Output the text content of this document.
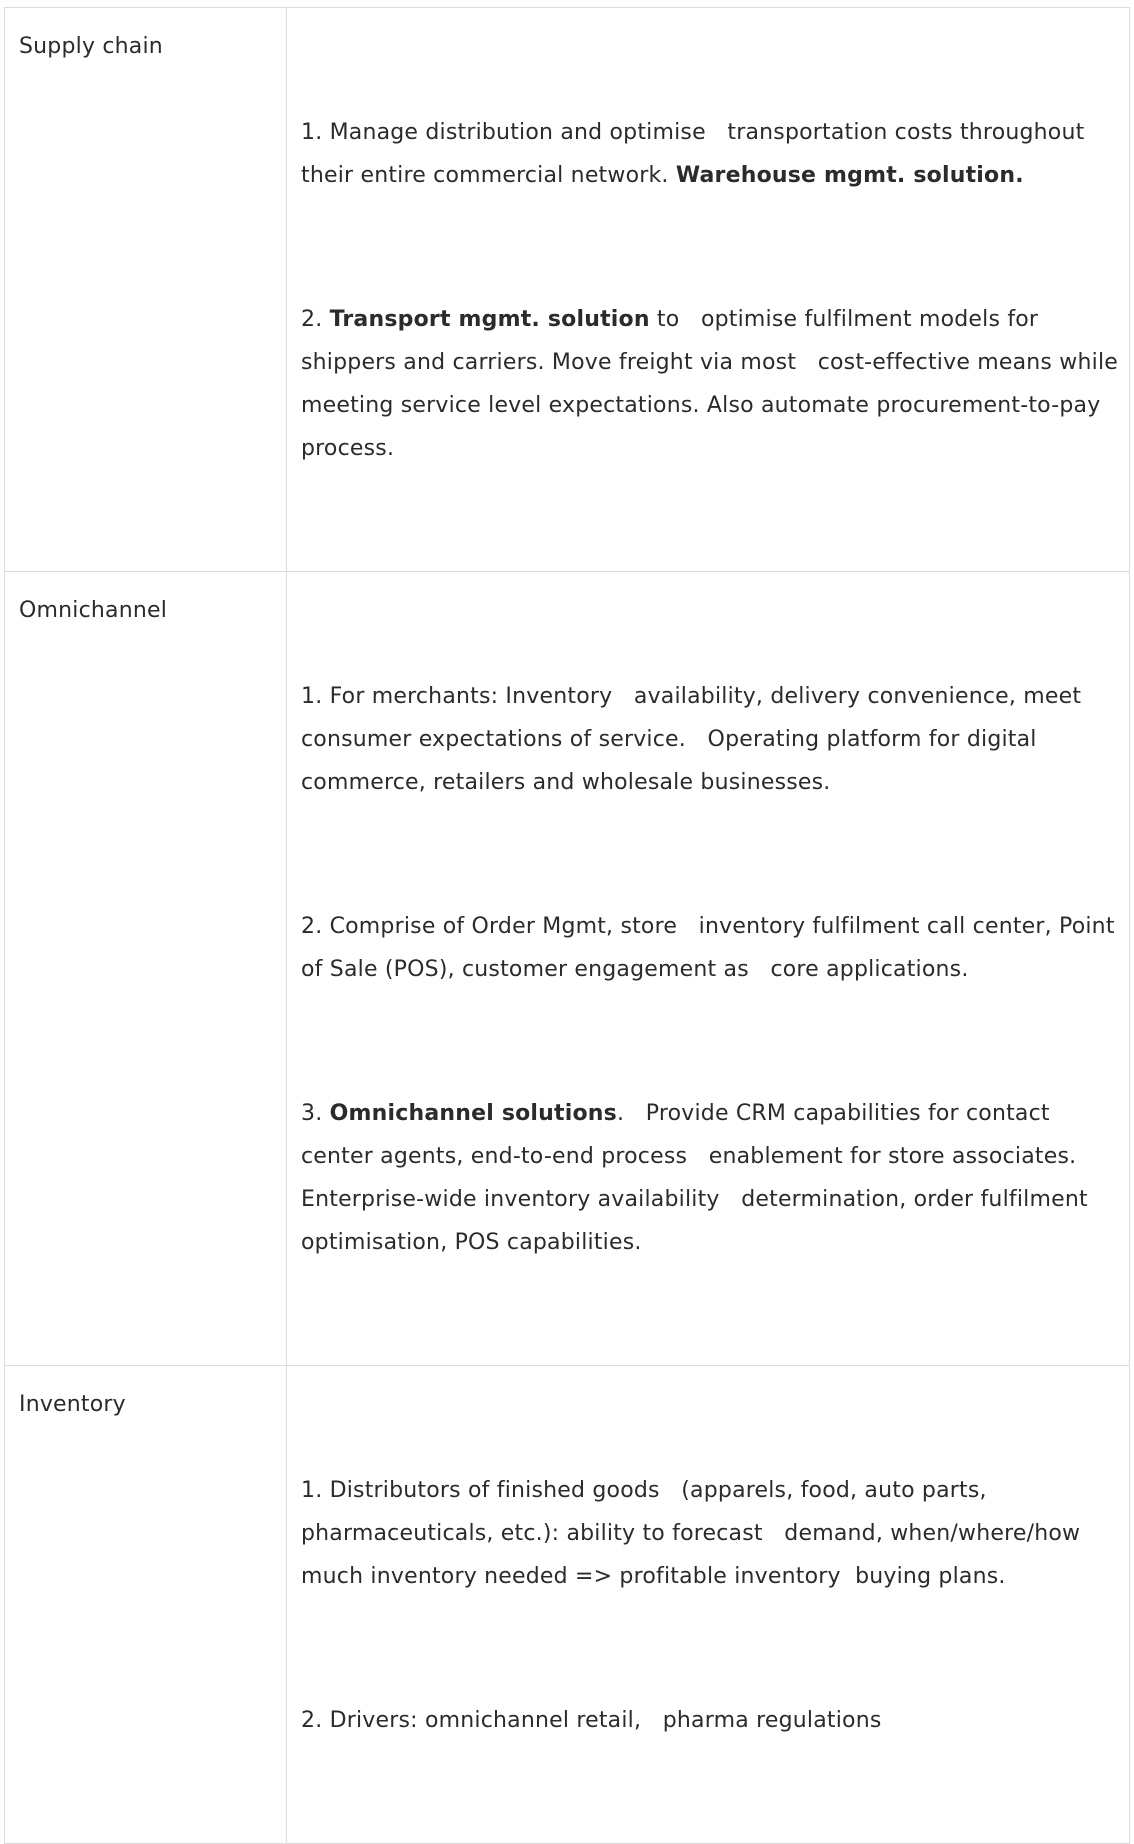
Supply chain	1. Manage distribution and optimise   transportation costs throughout their entire commercial network. Warehouse mgmt. solution.

2. Transport mgmt. solution to   optimise fulfilment models for shippers and carriers. Move freight via most   cost-effective means while meeting service level expectations. Also automate procurement-to-pay process.

Omnichannel	1. For merchants: Inventory   availability, delivery convenience, meet consumer expectations of service.   Operating platform for digital commerce, retailers and wholesale businesses.

2. Comprise of Order Mgmt, store   inventory fulfilment call center, Point of Sale (POS), customer engagement as   core applications.

3. Omnichannel solutions.   Provide CRM capabilities for contact center agents, end-to-end process   enablement for store associates. Enterprise-wide inventory availability   determination, order fulfilment optimisation, POS capabilities.

Inventory	1. Distributors of finished goods   (apparels, food, auto parts, pharmaceuticals, etc.): ability to forecast   demand, when/where/how much inventory needed => profitable inventory  buying plans.

2. Drivers: omnichannel retail,   pharma regulations
